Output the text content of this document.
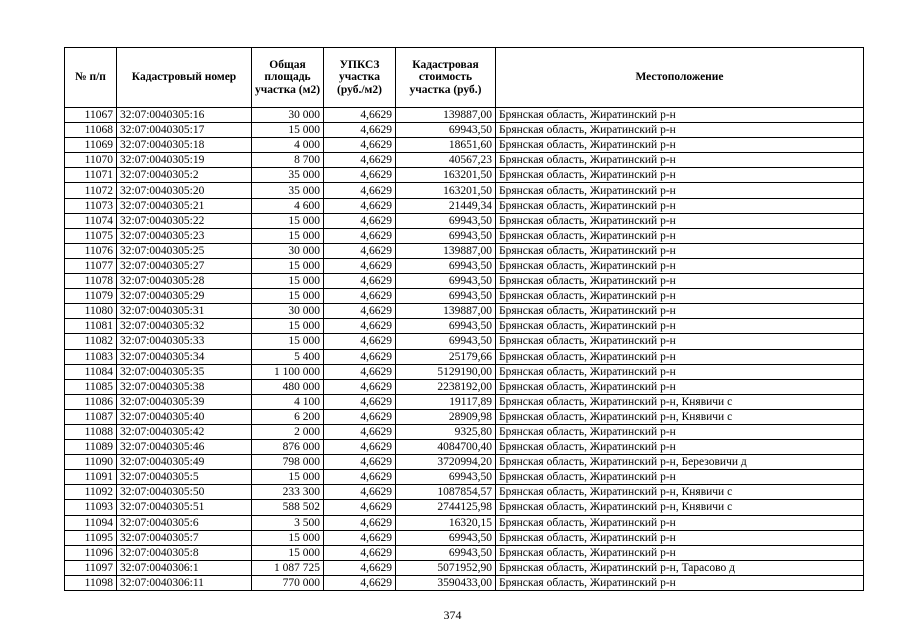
№ п/п	Кадастровый номер	Общая площадь участка (м2)	УПКСЗ участка (руб./м2)	Кадастровая стоимость участка (руб.)	Местоположение
11067	32:07:0040305:16	30 000	4,6629	139887,00	Брянская область, Жиратинский р-н
11068	32:07:0040305:17	15 000	4,6629	69943,50	Брянская область, Жиратинский р-н
11069	32:07:0040305:18	4 000	4,6629	18651,60	Брянская область, Жиратинский р-н
11070	32:07:0040305:19	8 700	4,6629	40567,23	Брянская область, Жиратинский р-н
11071	32:07:0040305:2	35 000	4,6629	163201,50	Брянская область, Жиратинский р-н
11072	32:07:0040305:20	35 000	4,6629	163201,50	Брянская область, Жиратинский р-н
11073	32:07:0040305:21	4 600	4,6629	21449,34	Брянская область, Жиратинский р-н
11074	32:07:0040305:22	15 000	4,6629	69943,50	Брянская область, Жиратинский р-н
11075	32:07:0040305:23	15 000	4,6629	69943,50	Брянская область, Жиратинский р-н
11076	32:07:0040305:25	30 000	4,6629	139887,00	Брянская область, Жиратинский р-н
11077	32:07:0040305:27	15 000	4,6629	69943,50	Брянская область, Жиратинский р-н
11078	32:07:0040305:28	15 000	4,6629	69943,50	Брянская область, Жиратинский р-н
11079	32:07:0040305:29	15 000	4,6629	69943,50	Брянская область, Жиратинский р-н
11080	32:07:0040305:31	30 000	4,6629	139887,00	Брянская область, Жиратинский р-н
11081	32:07:0040305:32	15 000	4,6629	69943,50	Брянская область, Жиратинский р-н
11082	32:07:0040305:33	15 000	4,6629	69943,50	Брянская область, Жиратинский р-н
11083	32:07:0040305:34	5 400	4,6629	25179,66	Брянская область, Жиратинский р-н
11084	32:07:0040305:35	1 100 000	4,6629	5129190,00	Брянская область, Жиратинский р-н
11085	32:07:0040305:38	480 000	4,6629	2238192,00	Брянская область, Жиратинский р-н
11086	32:07:0040305:39	4 100	4,6629	19117,89	Брянская область, Жиратинский р-н, Княвичи с
11087	32:07:0040305:40	6 200	4,6629	28909,98	Брянская область, Жиратинский р-н, Княвичи с
11088	32:07:0040305:42	2 000	4,6629	9325,80	Брянская область, Жиратинский р-н
11089	32:07:0040305:46	876 000	4,6629	4084700,40	Брянская область, Жиратинский р-н
11090	32:07:0040305:49	798 000	4,6629	3720994,20	Брянская область, Жиратинский р-н, Березовичи д
11091	32:07:0040305:5	15 000	4,6629	69943,50	Брянская область, Жиратинский р-н
11092	32:07:0040305:50	233 300	4,6629	1087854,57	Брянская область, Жиратинский р-н, Княвичи с
11093	32:07:0040305:51	588 502	4,6629	2744125,98	Брянская область, Жиратинский р-н, Княвичи с
11094	32:07:0040305:6	3 500	4,6629	16320,15	Брянская область, Жиратинский р-н
11095	32:07:0040305:7	15 000	4,6629	69943,50	Брянская область, Жиратинский р-н
11096	32:07:0040305:8	15 000	4,6629	69943,50	Брянская область, Жиратинский р-н
11097	32:07:0040306:1	1 087 725	4,6629	5071952,90	Брянская область, Жиратинский р-н, Тарасово д
11098	32:07:0040306:11	770 000	4,6629	3590433,00	Брянская область, Жиратинский р-н
374
